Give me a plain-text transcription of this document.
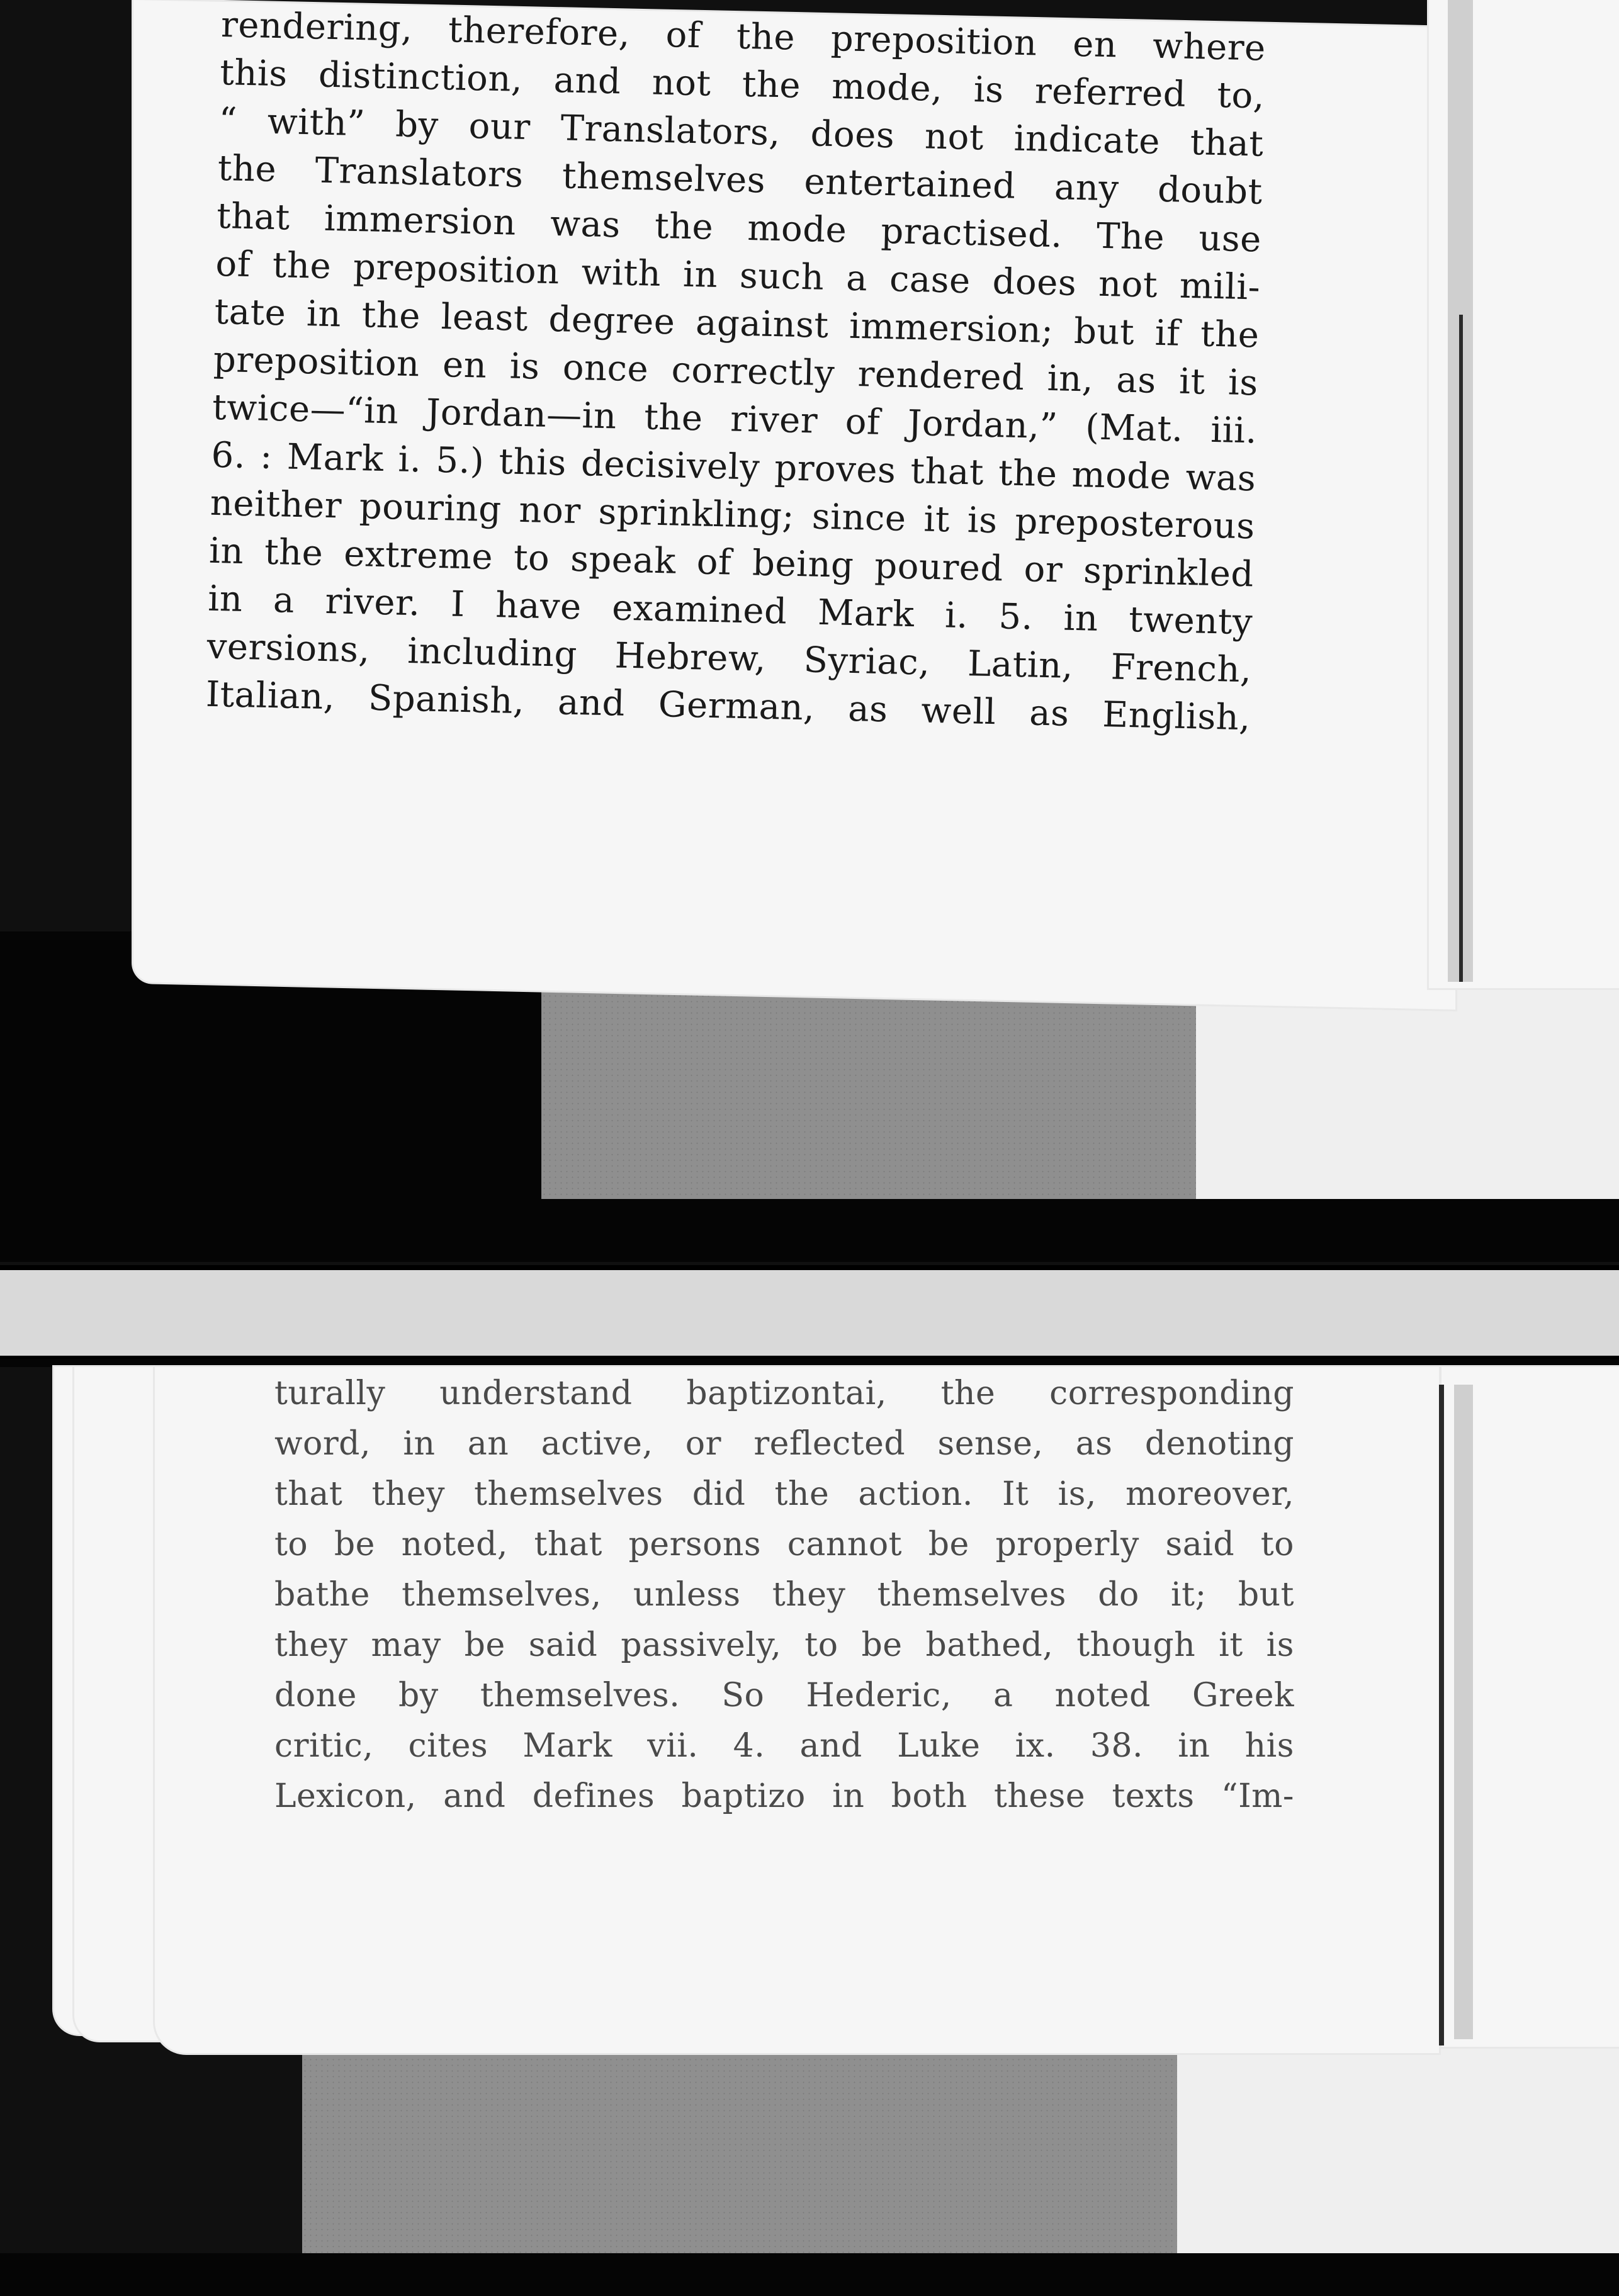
rendering, therefore, of the preposition en where
this distinction, and not the mode, is referred to,
“ with” by our Translators, does not indicate that
the Translators themselves entertained any doubt
that immersion was the mode practised. The use
of the preposition with in such a case does not mili-
tate in the least degree against immersion; but if the
preposition en is once correctly rendered in, as it is
twice—“in Jordan—in the river of Jordan,” (Mat. iii.
6. : Mark i. 5.) this decisively proves that the mode was
neither pouring nor sprinkling; since it is preposterous
in the extreme to speak of being poured or sprinkled
in a river. I have examined Mark i. 5. in twenty
versions, including Hebrew, Syriac, Latin, French,
Italian, Spanish, and German, as well as English,
turally understand baptizontai, the corresponding
word, in an active, or reflected sense, as denoting
that they themselves did the action. It is, moreover,
to be noted, that persons cannot be properly said to
bathe themselves, unless they themselves do it; but
they may be said passively, to be bathed, though it is
done by themselves. So Hederic, a noted Greek
critic, cites Mark vii. 4. and Luke ix. 38. in his
Lexicon, and defines baptizo in both these texts “Im-
